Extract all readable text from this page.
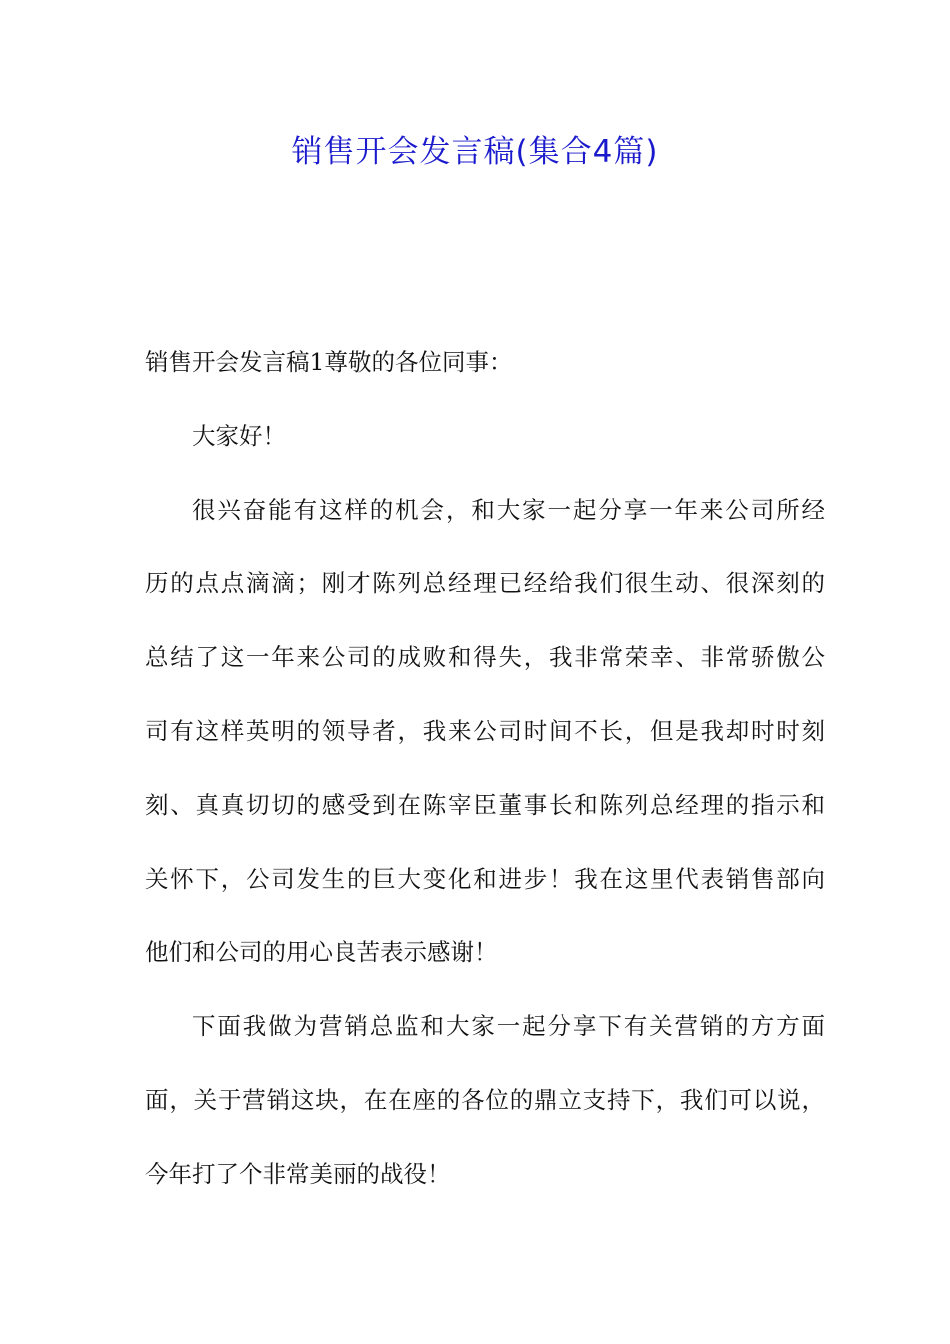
销售开会发言稿(集合4篇)
销售开会发言稿1尊敬的各位同事：
大家好！
很兴奋能有这样的机会，和大家一起分享一年来公司所经
历的点点滴滴；刚才陈列总经理已经给我们很生动、很深刻的
总结了这一年来公司的成败和得失，我非常荣幸、非常骄傲公
司有这样英明的领导者，我来公司时间不长，但是我却时时刻
刻、真真切切的感受到在陈宰臣董事长和陈列总经理的指示和
关怀下，公司发生的巨大变化和进步！我在这里代表销售部向
他们和公司的用心良苦表示感谢！
下面我做为营销总监和大家一起分享下有关营销的方方面
面，关于营销这块，在在座的各位的鼎立支持下，我们可以说，
今年打了个非常美丽的战役！
